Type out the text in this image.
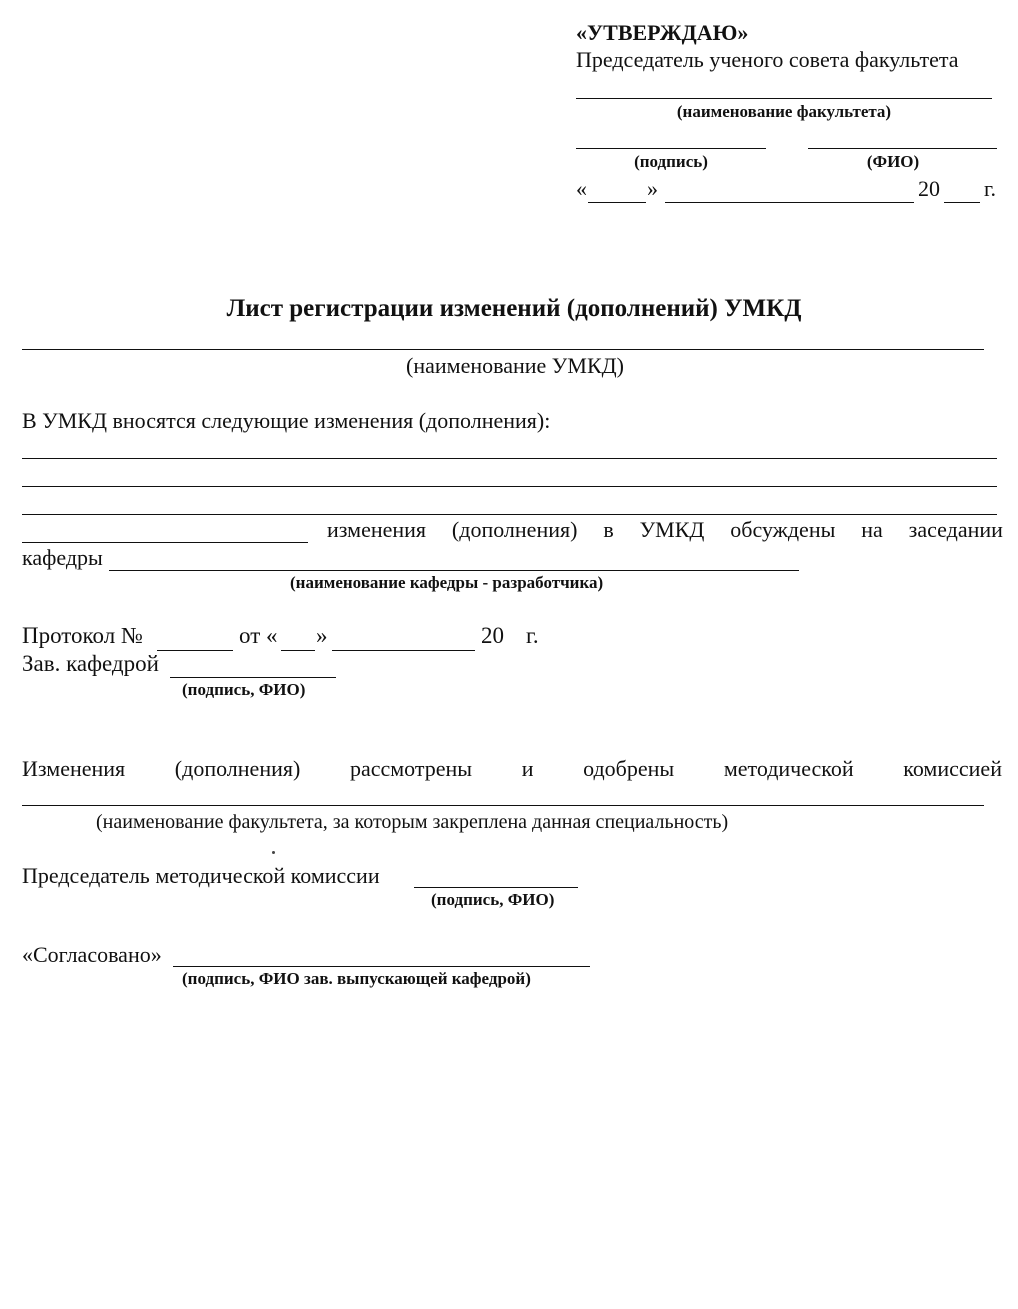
«УТВЕРЖДАЮ»
Председатель ученого совета факультета
(наименование факультета)
(подпись)	(ФИО)
«	»	20 г.
Лист регистрации изменений (дополнений) УМКД
(наименование УМКД)
В УМКД вносятся следующие изменения (дополнения):
изменения (дополнения) в УМКД обсуждены на заседании
кафедры
(наименование кафедры - разработчика)
Протокол №	от « »	20 г.
Зав. кафедрой
(подпись, ФИО)
Изменения (дополнения) рассмотрены и одобрены методической комиссией
(наименование факультета, за которым закреплена данная специальность)
Председатель методической комиссии
(подпись, ФИО)
«Согласовано»
(подпись, ФИО зав. выпускающей кафедрой)
